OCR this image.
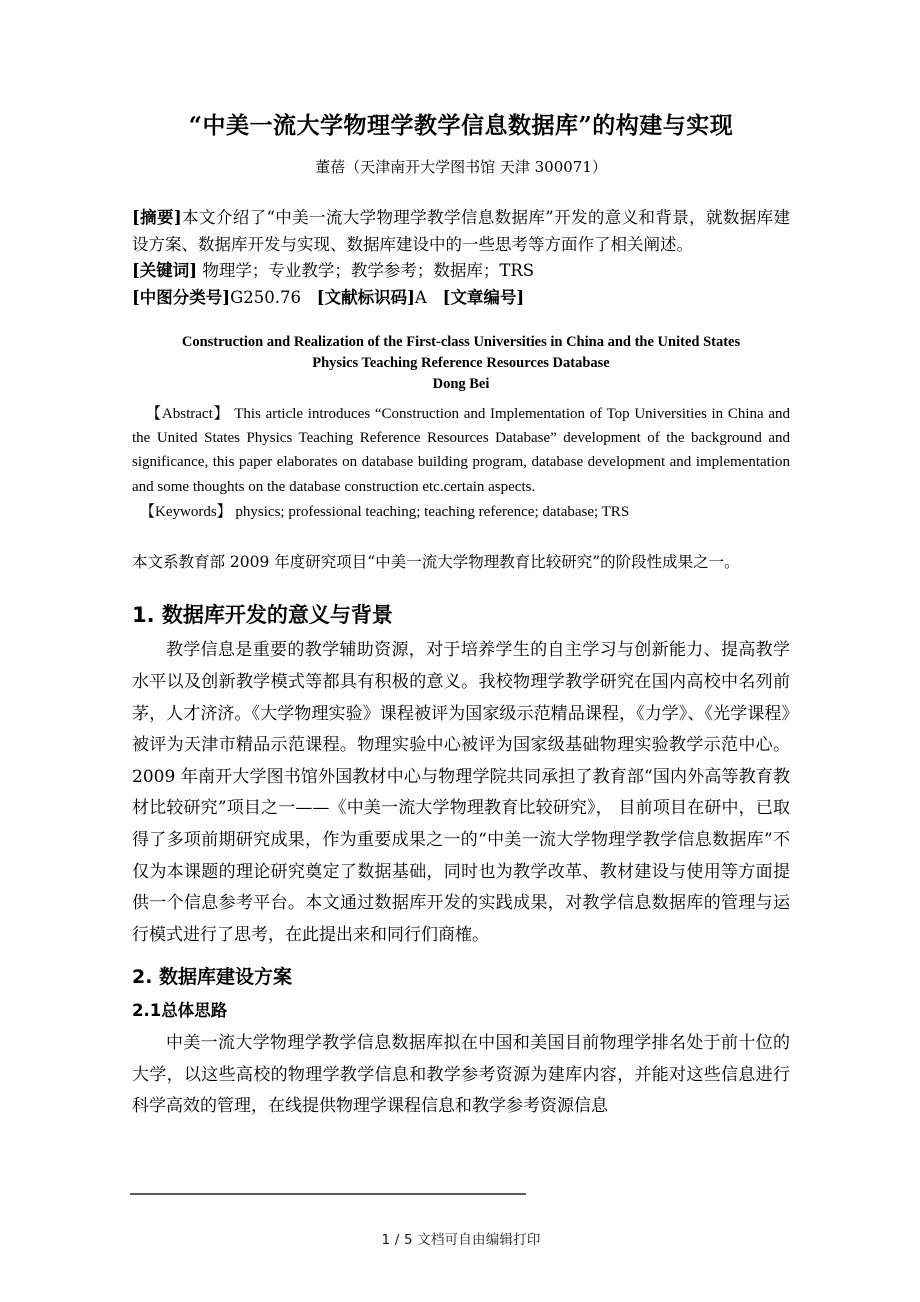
“中美一流大学物理学教学信息数据库”的构建与实现

董蓓（天津南开大学图书馆 天津 300071）

[摘要]本文介绍了“中美一流大学物理学教学信息数据库”开发的意义和背景，就数据库建设方案、数据库开发与实现、数据库建设中的一些思考等方面作了相关阐述。

[关键词] 物理学；专业教学；教学参考；数据库；TRS

[中图分类号]G250.76 [文献标识码]A [文章编号]

Construction and Realization of the First-class Universities in China and the United States

Physics Teaching Reference Resources Database

Dong Bei

【Abstract】 This article introduces “Construction and Implementation of Top Universities in China and the United States Physics Teaching Reference Resources Database” development of the background and significance, this paper elaborates on database building program, database development and implementation and some thoughts on the database construction etc.certain aspects.

【Keywords】 physics; professional teaching; teaching reference; database; TRS

本文系教育部 2009 年度研究项目“中美一流大学物理教育比较研究”的阶段性成果之一。

1. 数据库开发的意义与背景

教学信息是重要的教学辅助资源，对于培养学生的自主学习与创新能力、提高教学水平以及创新教学模式等都具有积极的意义。我校物理学教学研究在国内高校中名列前茅，人才济济。《大学物理实验》课程被评为国家级示范精品课程，《力学》、《光学课程》被评为天津市精品示范课程。物理实验中心被评为国家级基础物理实验教学示范中心。2009 年南开大学图书馆外国教材中心与物理学院共同承担了教育部“国内外高等教育教材比较研究”项目之一——《中美一流大学物理教育比较研究》， 目前项目在研中，已取得了多项前期研究成果，作为重要成果之一的“中美一流大学物理学教学信息数据库”不仅为本课题的理论研究奠定了数据基础，同时也为教学改革、教材建设与使用等方面提供一个信息参考平台。本文通过数据库开发的实践成果，对教学信息数据库的管理与运行模式进行了思考，在此提出来和同行们商榷。

2. 数据库建设方案
2.1总体思路

中美一流大学物理学教学信息数据库拟在中国和美国目前物理学排名处于前十位的大学，以这些高校的物理学教学信息和教学参考资源为建库内容，并能对这些信息进行科学高效的管理，在线提供物理学课程信息和教学参考资源信息

1 / 5 文档可自由编辑打印
